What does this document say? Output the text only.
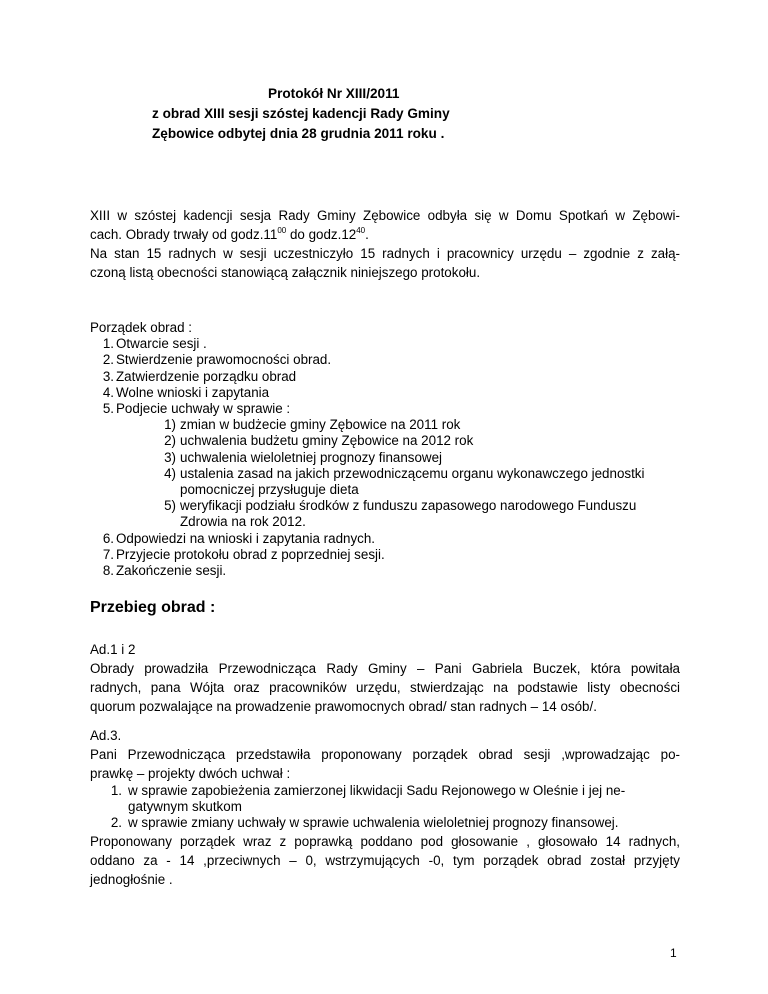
Protokół Nr XIII/2011
z obrad XIII sesji szóstej kadencji Rady Gminy
Zębowice odbytej dnia 28 grudnia 2011 roku .
XIII w szóstej kadencji sesja Rady Gminy Zębowice odbyła się w Domu Spotkań w Zębowi-
cach. Obrady trwały od $godz.11^{00}$ do $godz.12^{40}$.
Na stan 15 radnych w sesji uczestniczyło 15 radnych i pracownicy urzędu – zgodnie z załą-
czoną listą obecności stanowiącą załącznik niniejszego protokołu.
Porządek obrad :
1. Otwarcie sesji .
2. Stwierdzenie prawomocności obrad.
3. Zatwierdzenie porządku obrad
4. Wolne wnioski i zapytania
5. Podjecie uchwały w sprawie :
1) zmian w budżecie gminy Zębowice na 2011 rok
2) uchwalenia budżetu gminy Zębowice na 2012 rok
3) uchwalenia wieloletniej prognozy finansowej
4) ustalenia zasad na jakich przewodniczącemu organu wykonawczego jednostki
pomocniczej przysługuje dieta
5) weryfikacji podziału środków z funduszu zapasowego narodowego Funduszu
Zdrowia na rok 2012.
6. Odpowiedzi na wnioski i zapytania radnych.
7. Przyjecie protokołu obrad z poprzedniej sesji.
8. Zakończenie sesji.
Przebieg obrad :
Ad.1 i 2
Obrady prowadziła Przewodnicząca Rady Gminy – Pani Gabriela Buczek, która powitała
radnych, pana Wójta oraz pracowników urzędu, stwierdzając na podstawie listy obecności
quorum pozwalające na prowadzenie prawomocnych obrad/ stan radnych – 14 osób/.
Ad.3.
Pani Przewodnicząca przedstawiła proponowany porządek obrad sesji ,wprowadzając po-
prawkę – projekty dwóch uchwał :
1. w sprawie zapobieżenia zamierzonej likwidacji Sadu Rejonowego w Oleśnie i jej ne-
gatywnym skutkom
2. w sprawie zmiany uchwały w sprawie uchwalenia wieloletniej prognozy finansowej.
Proponowany porządek wraz z poprawką poddano pod głosowanie , głosowało 14 radnych,
oddano za - 14 ,przeciwnych – 0, wstrzymujących -0, tym porządek obrad został przyjęty
jednogłośnie .
1
